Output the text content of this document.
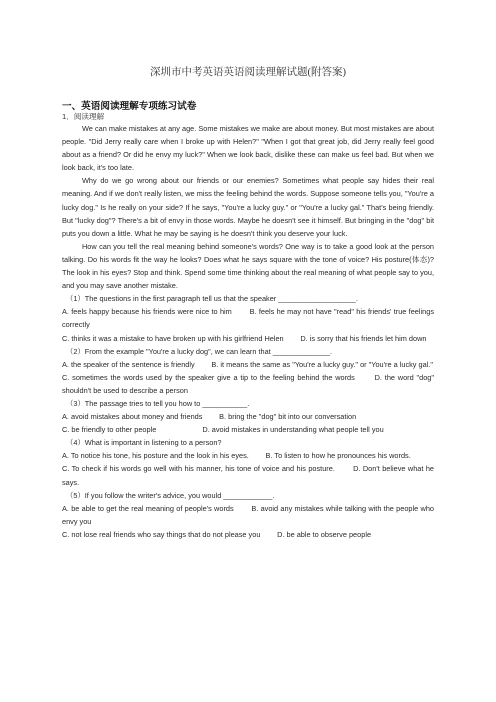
深圳市中考英语英语阅读理解试题(附答案)
一、英语阅读理解专项练习试卷
1．阅读理解

We can make mistakes at any age. Some mistakes we make are about money. But most mistakes are about people. "Did Jerry really care when I broke up with Helen?" "When I got that great job, did Jerry really feel good about as a friend? Or did he envy my luck?" When we look back, dislike these can make us feel bad. But when we look back, it's too late.

Why do we go wrong about our friends or our enemies? Sometimes what people say hides their real meaning. And if we don't really listen, we miss the feeling behind the words. Suppose someone tells you, "You're a lucky dog." Is he really on your side? If he says, "You're a lucky guy." or "You're a lucky gal." That's being friendly. But "lucky dog"? There's a bit of envy in those words. Maybe he doesn't see it himself. But bringing in the "dog" bit puts you down a little. What he may be saying is he doesn't think you deserve your luck.

How can you tell the real meaning behind someone's words? One way is to take a good look at the person talking. Do his words fit the way he looks? Does what he says square with the tone of voice? His posture(体态)? The look in his eyes? Stop and think. Spend some time thinking about the real meaning of what people say to you, and you may save another mistake.

（1）The questions in the first paragraph tell us that the speaker ___________________.

A. feels happy because his friends were nice to him　　 B. feels he may not have "read" his friends' true feelings correctly

C. thinks it was a mistake to have broken up with his girlfriend Helen　　 D. is sorry that his friends let him down

（2）From the example "You're a lucky dog", we can learn that ______________.

A. the speaker of the sentence is friendly　　 B. it means the same as "You're a lucky guy." or "You're a lucky gal."

C. sometimes the words used by the speaker give a tip to the feeling behind the words　　 D. the word "dog" shouldn't be used to describe a person

（3）The passage tries to tell you how to ___________.

A. avoid mistakes about money and friends　　 B. bring the "dog" bit into our conversation

C. be friendly to other people　　　　　　 D. avoid mistakes in understanding what people tell you

（4）What is important in listening to a person?

A. To notice his tone, his posture and the look in his eyes.　　 B. To listen to how he pronounces his words.

C. To check if his words go well with his manner, his tone of voice and his posture.　　 D. Don't believe what he says.

（5）If you follow the writer's advice, you would ____________.

A. be able to get the real meaning of people's words　　 B. avoid any mistakes while talking with the people who envy you

C. not lose real friends who say things that do not please you　　 D. be able to observe people
